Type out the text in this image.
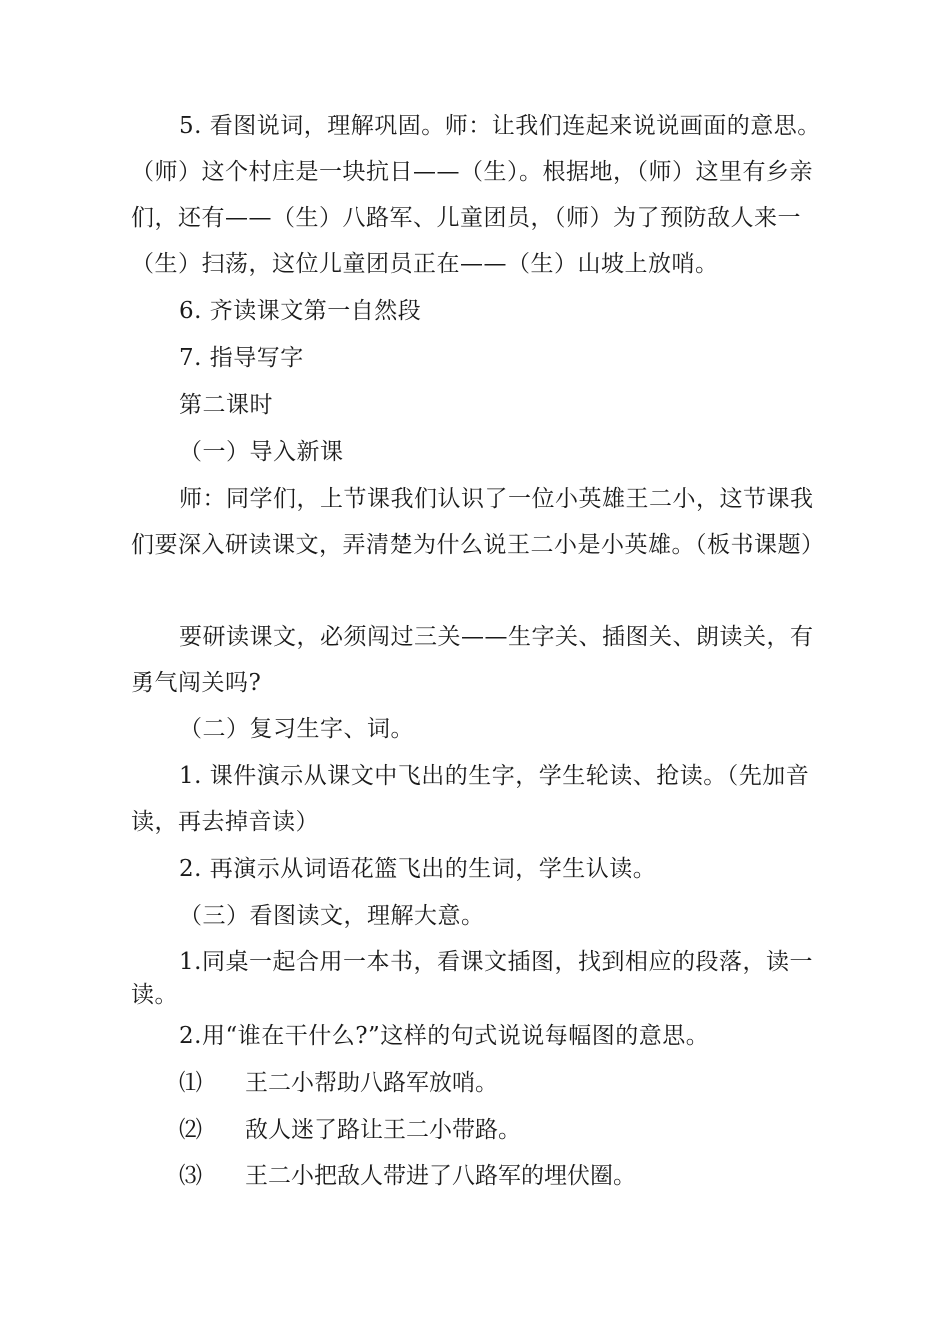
5. 看图说词，理解巩固。师：让我们连起来说说画面的意思。（师）这个村庄是一块抗日——（生）。根据地，（师）这里有乡亲们，还有——（生）八路军、儿童团员，（师）为了预防敌人来一（生）扫荡，这位儿童团员正在——（生）山坡上放哨。
6. 齐读课文第一自然段
7. 指导写字
第二课时
（一）导入新课
师：同学们，上节课我们认识了一位小英雄王二小，这节课我们要深入研读课文，弄清楚为什么说王二小是小英雄。（板书课题）
要研读课文，必须闯过三关——生字关、插图关、朗读关，有勇气闯关吗?
（二）复习生字、词。
1. 课件演示从课文中飞出的生字，学生轮读、抢读。（先加音读，再去掉音读）
2. 再演示从词语花篮飞出的生词，学生认读。
（三）看图读文，理解大意。
1.同桌一起合用一本书，看课文插图，找到相应的段落，读一读。
2.用“谁在干什么?”这样的句式说说每幅图的意思。
⑴ 王二小帮助八路军放哨。
⑵ 敌人迷了路让王二小带路。
⑶ 王二小把敌人带进了八路军的埋伏圈。
